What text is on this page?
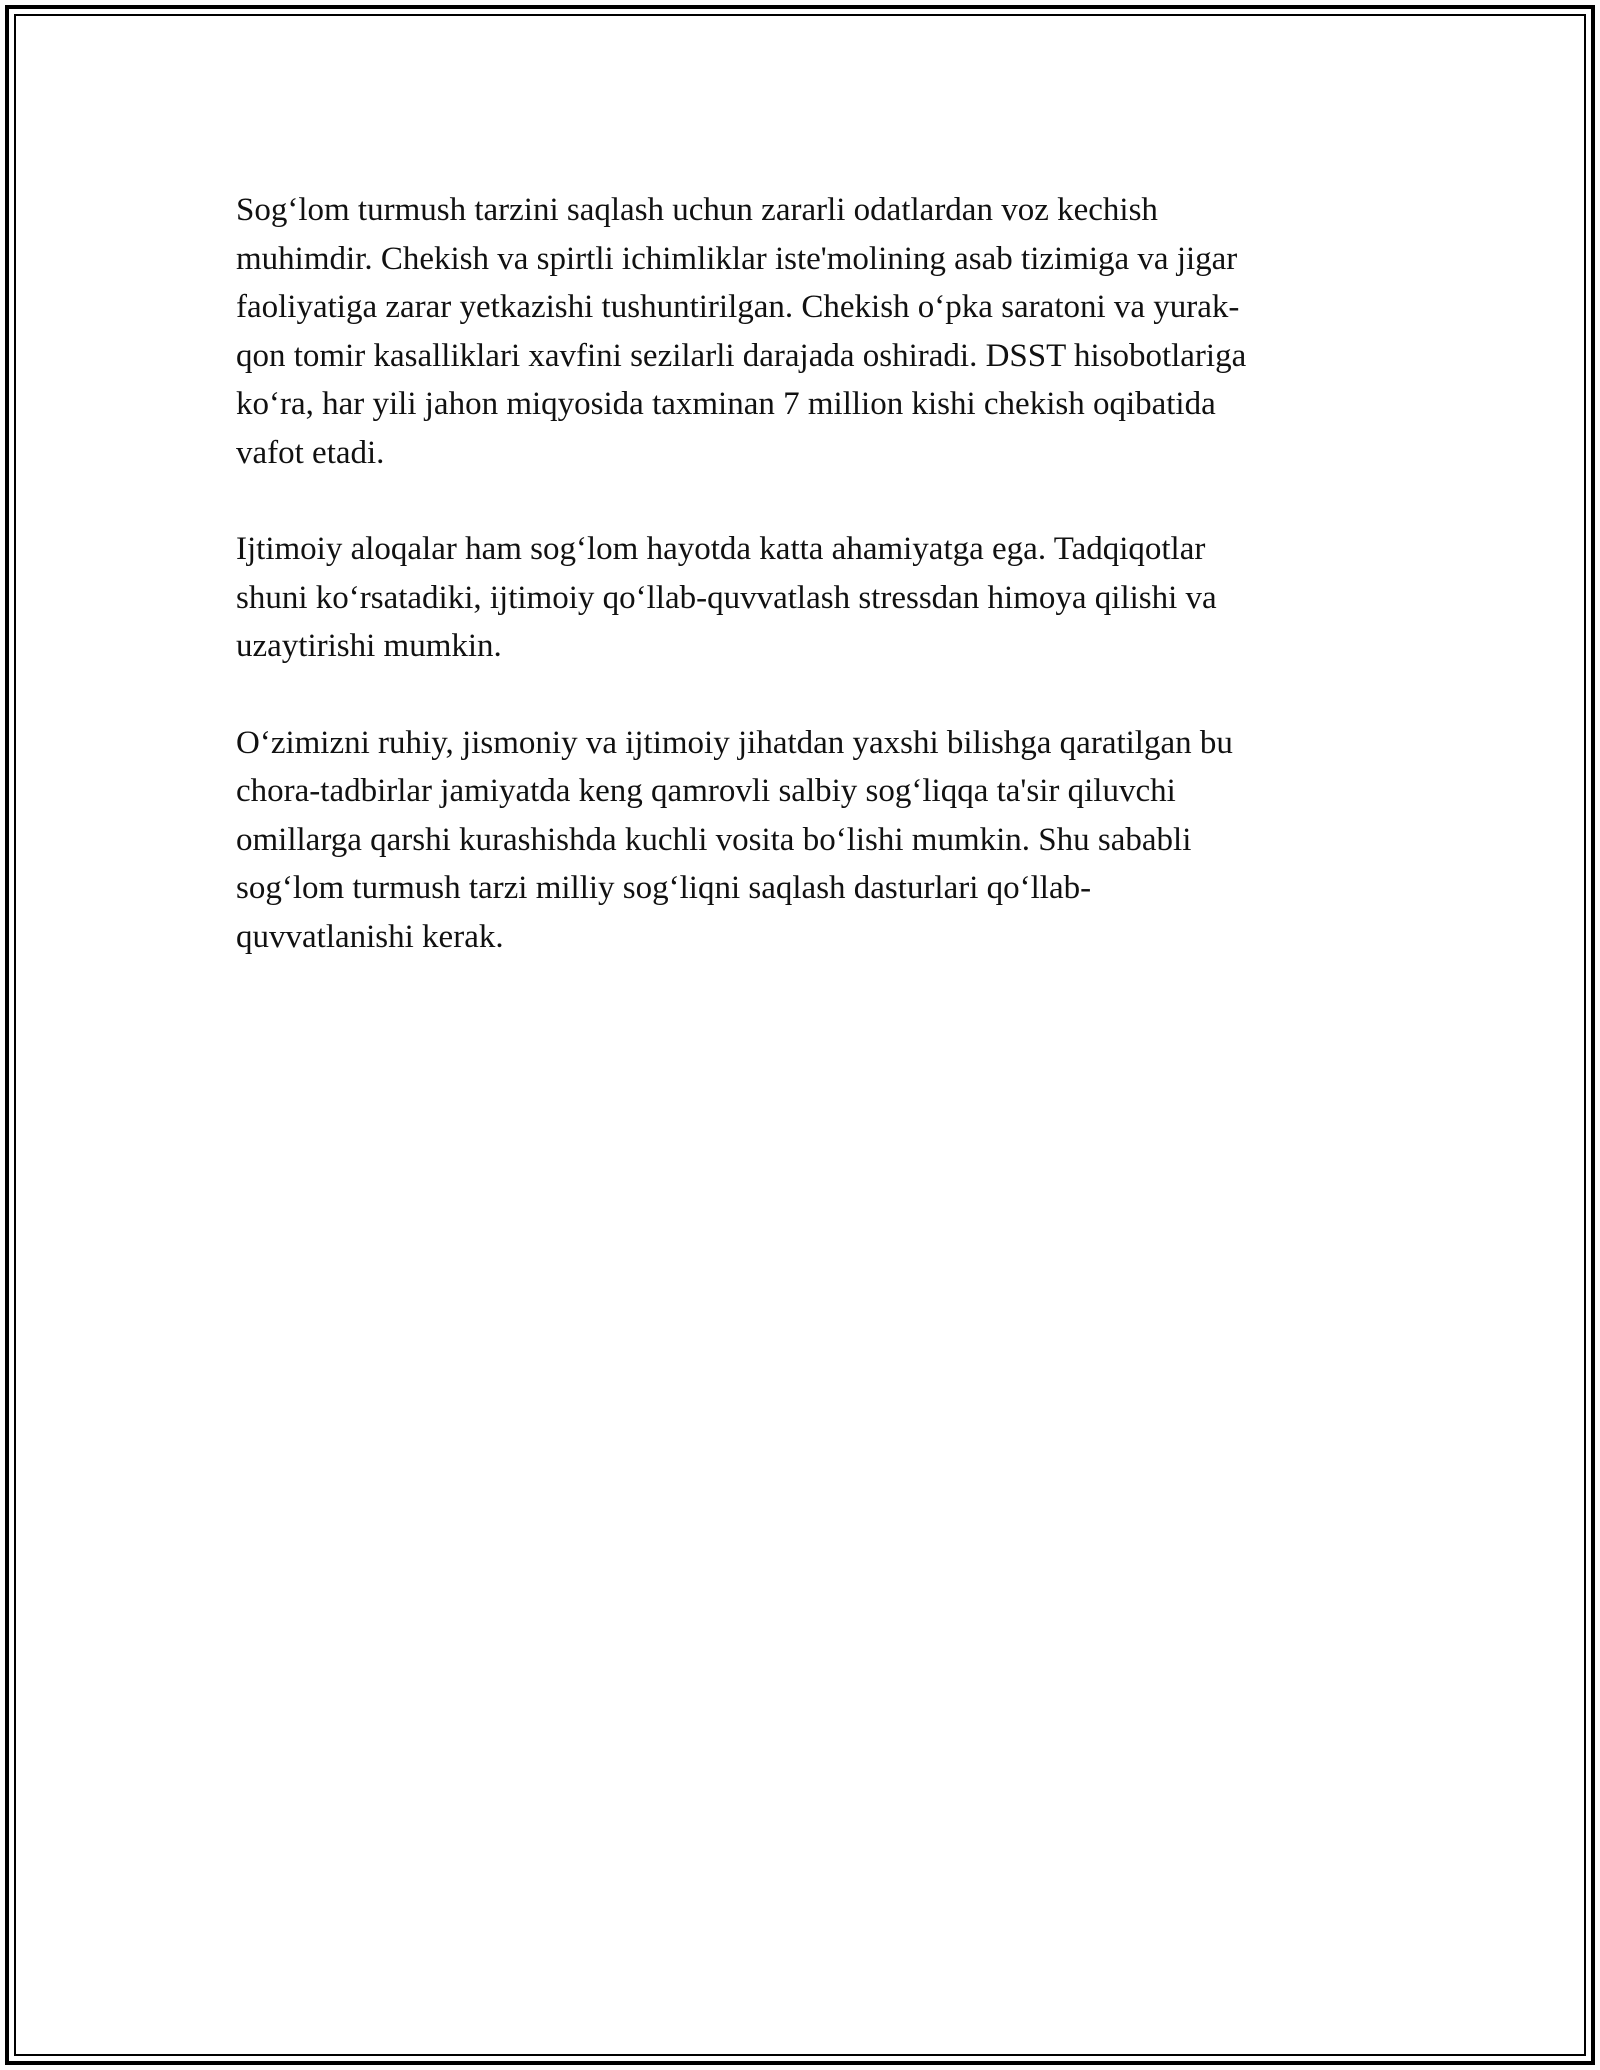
Sog‘lom turmush tarzini saqlash uchun zararli odatlardan voz kechish
muhimdir. Chekish va spirtli ichimliklar iste'molining asab tizimiga va jigar
faoliyatiga zarar yetkazishi tushuntirilgan. Chekish o‘pka saratoni va yurak-
qon tomir kasalliklari xavfini sezilarli darajada oshiradi. DSST hisobotlariga
ko‘ra, har yili jahon miqyosida taxminan 7 million kishi chekish oqibatida
vafot etadi.

Ijtimoiy aloqalar ham sog‘lom hayotda katta ahamiyatga ega. Tadqiqotlar
shuni ko‘rsatadiki, ijtimoiy qo‘llab-quvvatlash stressdan himoya qilishi va
uzaytirishi mumkin.

O‘zimizni ruhiy, jismoniy va ijtimoiy jihatdan yaxshi bilishga qaratilgan bu
chora-tadbirlar jamiyatda keng qamrovli salbiy sog‘liqqa ta'sir qiluvchi
omillarga qarshi kurashishda kuchli vosita bo‘lishi mumkin. Shu sababli
sog‘lom turmush tarzi milliy sog‘liqni saqlash dasturlari qo‘llab-
quvvatlanishi kerak.
